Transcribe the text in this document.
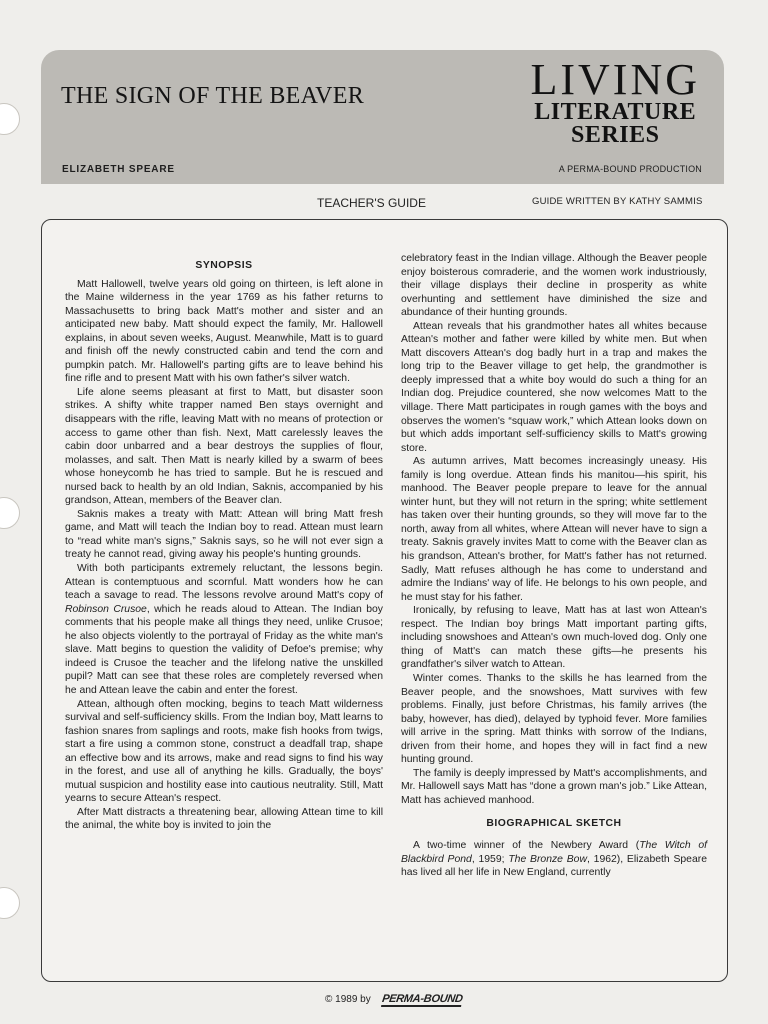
THE SIGN OF THE BEAVER
ELIZABETH SPEARE
LIVING
LITERATURE
SERIES
A PERMA-BOUND PRODUCTION
TEACHER'S GUIDE	GUIDE WRITTEN BY KATHY SAMMIS
SYNOPSIS

Matt Hallowell, twelve years old going on thirteen, is left alone in the Maine wilderness in the year 1769 as his father returns to Massachusetts to bring back Matt's mother and sister and an anticipated new baby. Matt should expect the family, Mr. Hallowell explains, in about seven weeks, August. Meanwhile, Matt is to guard and finish off the newly constructed cabin and tend the corn and pumpkin patch. Mr. Hallowell's parting gifts are to leave behind his fine rifle and to present Matt with his own father's silver watch.

Life alone seems pleasant at first to Matt, but disaster soon strikes. A shifty white trapper named Ben stays overnight and disappears with the rifle, leaving Matt with no means of protection or access to game other than fish. Next, Matt carelessly leaves the cabin door unbarred and a bear destroys the supplies of flour, molasses, and salt. Then Matt is nearly killed by a swarm of bees whose honeycomb he has tried to sample. But he is rescued and nursed back to health by an old Indian, Saknis, accompanied by his grandson, Attean, members of the Beaver clan.

Saknis makes a treaty with Matt: Attean will bring Matt fresh game, and Matt will teach the Indian boy to read. Attean must learn to “read white man's signs,” Saknis says, so he will not ever sign a treaty he cannot read, giving away his people's hunting grounds.

With both participants extremely reluctant, the lessons begin. Attean is contemptuous and scornful. Matt wonders how he can teach a savage to read. The lessons revolve around Matt's copy of Robinson Crusoe, which he reads aloud to Attean. The Indian boy comments that his people make all things they need, unlike Crusoe; he also objects violently to the portrayal of Friday as the white man's slave. Matt begins to question the validity of Defoe's premise; why indeed is Crusoe the teacher and the lifelong native the unskilled pupil? Matt can see that these roles are completely reversed when he and Attean leave the cabin and enter the forest.

Attean, although often mocking, begins to teach Matt wilderness survival and self-sufficiency skills. From the Indian boy, Matt learns to fashion snares from saplings and roots, make fish hooks from twigs, start a fire using a common stone, construct a deadfall trap, shape an effective bow and its arrows, make and read signs to find his way in the forest, and use all of anything he kills. Gradually, the boys' mutual suspicion and hostility ease into cautious neutrality. Still, Matt yearns to secure Attean's respect.

After Matt distracts a threatening bear, allowing Attean time to kill the animal, the white boy is invited to join the

celebratory feast in the Indian village. Although the Beaver people enjoy boisterous comraderie, and the women work industriously, their village displays their decline in prosperity as white overhunting and settlement have diminished the size and abundance of their hunting grounds.

Attean reveals that his grandmother hates all whites because Attean's mother and father were killed by white men. But when Matt discovers Attean's dog badly hurt in a trap and makes the long trip to the Beaver village to get help, the grandmother is deeply impressed that a white boy would do such a thing for an Indian dog. Prejudice countered, she now welcomes Matt to the village. There Matt participates in rough games with the boys and observes the women's “squaw work,” which Attean looks down on but which adds important self-sufficiency skills to Matt's growing store.

As autumn arrives, Matt becomes increasingly uneasy. His family is long overdue. Attean finds his manitou—his spirit, his manhood. The Beaver people prepare to leave for the annual winter hunt, but they will not return in the spring; white settlement has taken over their hunting grounds, so they will move far to the north, away from all whites, where Attean will never have to sign a treaty. Saknis gravely invites Matt to come with the Beaver clan as his grandson, Attean's brother, for Matt's father has not returned. Sadly, Matt refuses although he has come to understand and admire the Indians' way of life. He belongs to his own people, and he must stay for his father.

Ironically, by refusing to leave, Matt has at last won Attean's respect. The Indian boy brings Matt important parting gifts, including snowshoes and Attean's own much-loved dog. Only one thing of Matt's can match these gifts—he presents his grandfather's silver watch to Attean.

Winter comes. Thanks to the skills he has learned from the Beaver people, and the snowshoes, Matt survives with few problems. Finally, just before Christmas, his family arrives (the baby, however, has died), delayed by typhoid fever. More families will arrive in the spring. Matt thinks with sorrow of the Indians, driven from their home, and hopes they will in fact find a new hunting ground.

The family is deeply impressed by Matt's accomplishments, and Mr. Hallowell says Matt has “done a grown man's job.” Like Attean, Matt has achieved manhood.

BIOGRAPHICAL SKETCH

A two-time winner of the Newbery Award (The Witch of Blackbird Pond, 1959; The Bronze Bow, 1962), Elizabeth Speare has lived all her life in New England, currently

© 1989 by PERMA-BOUND
